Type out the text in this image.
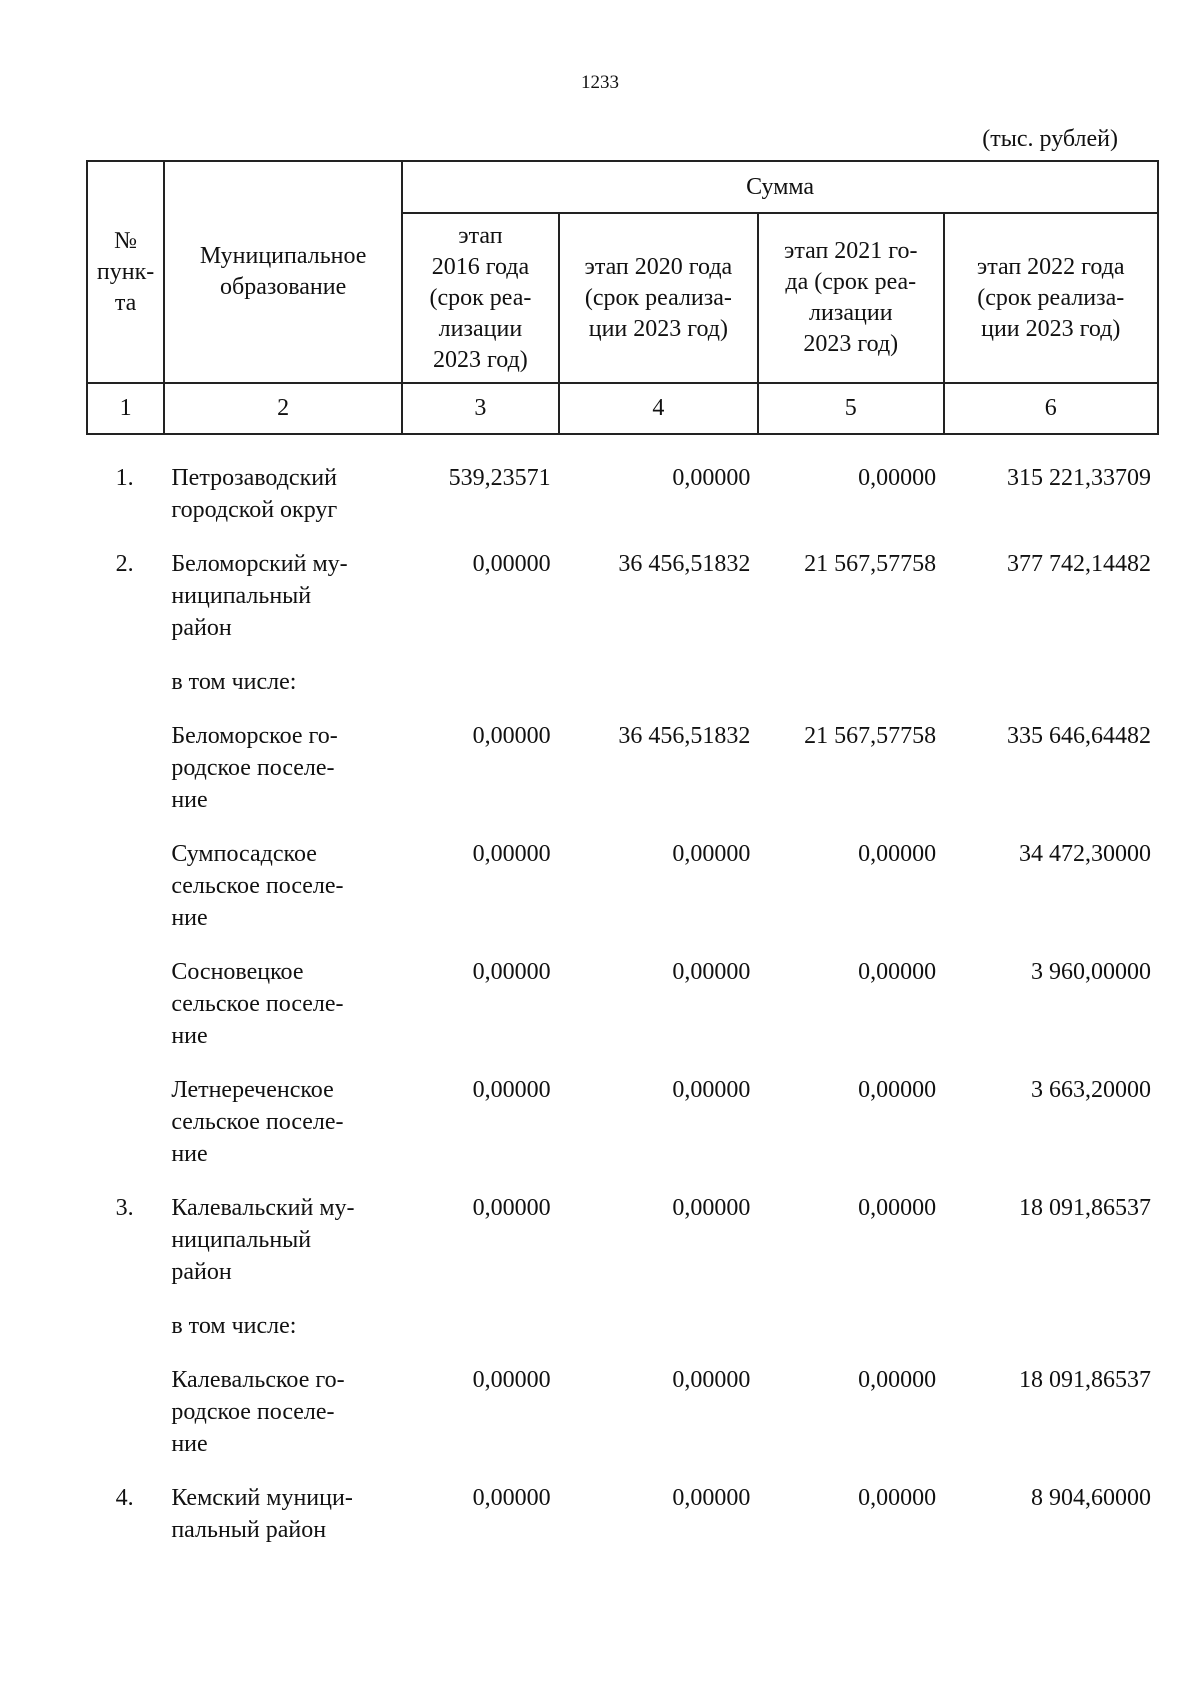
1233
(тыс. рублей)
№
пунк-
та	Муниципальное
образование	Сумма			
		этап
2016 года
(срок реа-
лизации
2023 год)	этап 2020 года
(срок реализа-
ции 2023 год)	этап 2021 го-
да (срок реа-
лизации
2023 год)	этап 2022 года
(срок реализа-
ции 2023 год)
1	2	3	4	5	6
1.	Петрозаводский
городской округ	539,23571	0,00000	0,00000	315 221,33709
2.	Беломорский му-
ниципальный
район	0,00000	36 456,51832	21 567,57758	377 742,14482
	в том числе:				
	Беломорское го-
родское поселе-
ние	0,00000	36 456,51832	21 567,57758	335 646,64482
	Сумпосадское
сельское поселе-
ние	0,00000	0,00000	0,00000	34 472,30000
	Сосновецкое
сельское поселе-
ние	0,00000	0,00000	0,00000	3 960,00000
	Летнереченское
сельское поселе-
ние	0,00000	0,00000	0,00000	3 663,20000
3.	Калевальский му-
ниципальный
район	0,00000	0,00000	0,00000	18 091,86537
	в том числе:				
	Калевальское го-
родское поселе-
ние	0,00000	0,00000	0,00000	18 091,86537
4.	Кемский муници-
пальный район	0,00000	0,00000	0,00000	8 904,60000
